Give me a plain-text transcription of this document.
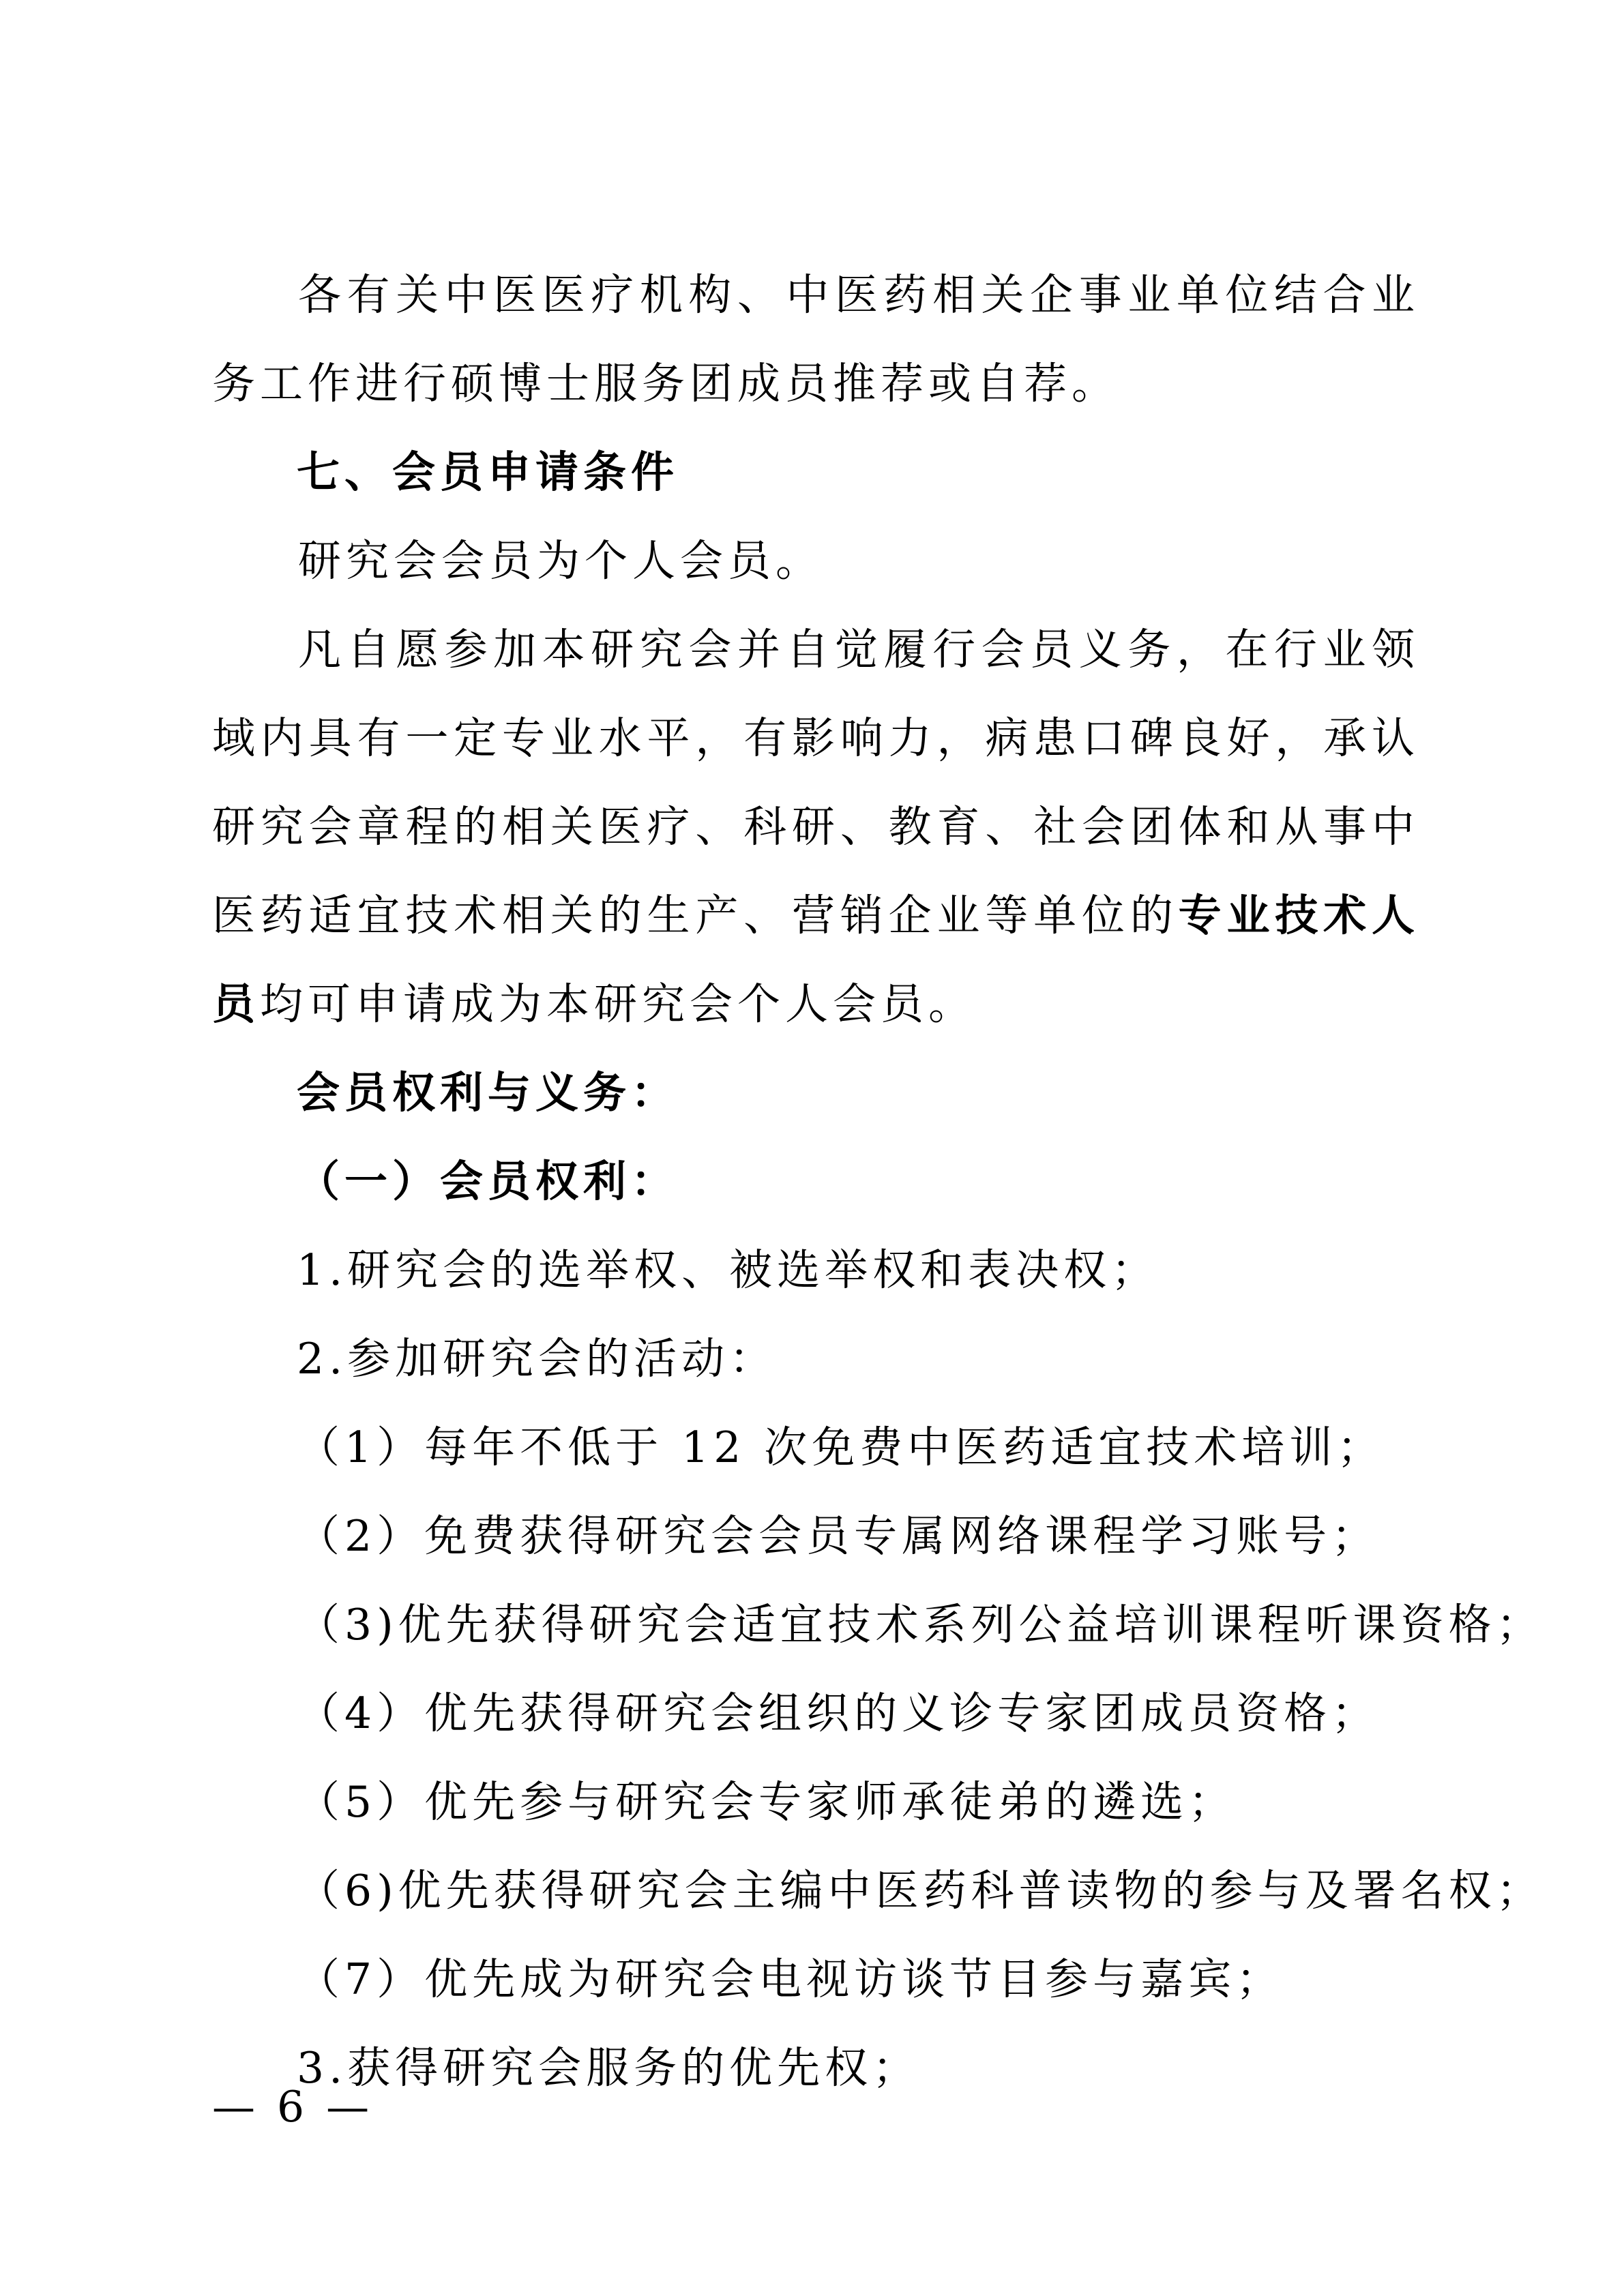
各有关中医医疗机构、中医药相关企事业单位结合业务工作进行硕博士服务团成员推荐或自荐。

七、会员申请条件

研究会会员为个人会员。

凡自愿参加本研究会并自觉履行会员义务，在行业领域内具有一定专业水平，有影响力，病患口碑良好，承认研究会章程的相关医疗、科研、教育、社会团体和从事中医药适宜技术相关的生产、营销企业等单位的专业技术人员均可申请成为本研究会个人会员。

会员权利与义务：

（一）会员权利：

1.研究会的选举权、被选举权和表决权；

2.参加研究会的活动：

（1）每年不低于 12 次免费中医药适宜技术培训；

（2）免费获得研究会会员专属网络课程学习账号；

（3)优先获得研究会适宜技术系列公益培训课程听课资格；

（4）优先获得研究会组织的义诊专家团成员资格；

（5）优先参与研究会专家师承徒弟的遴选；

（6)优先获得研究会主编中医药科普读物的参与及署名权；

（7）优先成为研究会电视访谈节目参与嘉宾；

3.获得研究会服务的优先权；

— 6 —
